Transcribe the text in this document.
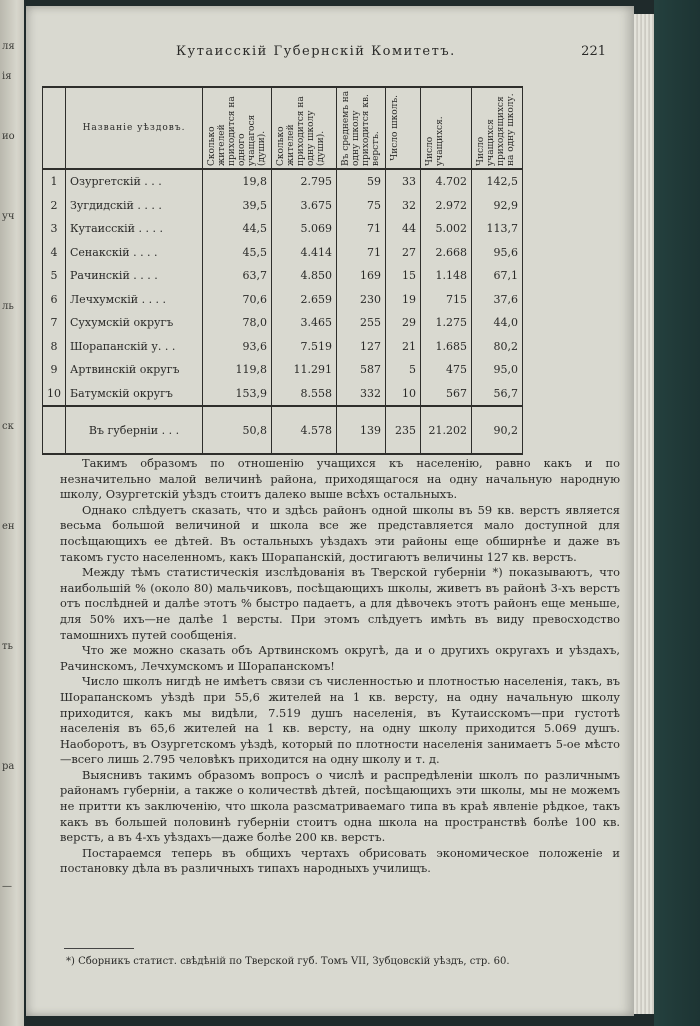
ля
ія
ио
уч
ль
ск
ен
ть
ра
—
Кутаисскій Губернскій Комитетъ.	221
	Названіе уѣздовъ.	Сколько жителей приходится на одного учащагося (души).	Сколько жителей приходится на одну школу (души).	Въ среднемъ на одну школу приходится кв. верстъ.	Число школъ.	Число учащихся.	Число учащихся приходящихся на одну школу.

1	Озургетскій . . .	19,8	2.795	59	33	4.702	142,5
2	Зугдидскій . . . .	39,5	3.675	75	32	2.972	92,9
3	Кутаисскій . . . .	44,5	5.069	71	44	5.002	113,7
4	Сенакскій . . . .	45,5	4.414	71	27	2.668	95,6
5	Рачинскій . . . .	63,7	4.850	169	15	1.148	67,1
6	Лечхумскій . . . .	70,6	2.659	230	19	715	37,6
7	Сухумскій округъ	78,0	3.465	255	29	1.275	44,0
8	Шорапанскій у. . .	93,6	7.519	127	21	1.685	80,2
9	Артвинскій округъ	119,8	11.291	587	5	475	95,0
10	Батумскій округъ	153,9	8.558	332	10	567	56,7
	Въ губерніи . . .	50,8	4.578	139	235	21.202	90,2

Такимъ образомъ по отношенію учащихся къ населенію, равно какъ и по незначительно малой величинѣ района, приходящагося на одну начальную народную школу, Озургетскій уѣздъ стоитъ далеко выше всѣхъ остальныхъ.

Однако слѣдуетъ сказать, что и здѣсь районъ одной школы въ 59 кв. верстъ является весьма большой величиной и школа все же представляется мало доступной для посѣщающихъ ее дѣтей. Въ остальныхъ уѣздахъ эти районы еще обширнѣе и даже въ такомъ густо населенномъ, какъ Шорапанскій, достигаютъ величины 127 кв. верстъ.

Между тѣмъ статистическія изслѣдованія въ Тверской губерніи *) показываютъ, что наибольшій % (около 80) мальчиковъ, посѣщающихъ школы, живетъ въ районѣ 3-хъ верстъ отъ послѣдней и далѣе этотъ % быстро падаетъ, а для дѣвочекъ этотъ районъ еще меньше, для 50% ихъ—не далѣе 1 версты. При этомъ слѣдуетъ имѣть въ виду превосходство тамошнихъ путей сообщенія.

Что же можно сказать объ Артвинскомъ округѣ, да и о другихъ округахъ и уѣздахъ, Рачинскомъ, Лечхумскомъ и Шорапанскомъ!

Число школъ нигдѣ не имѣетъ связи съ численностью и плотностью населенія, такъ, въ Шорапанскомъ уѣздѣ при 55,6 жителей на 1 кв. версту, на одну начальную школу приходится, какъ мы видѣли, 7.519 душъ населенія, въ Кутаисскомъ—при густотѣ населенія въ 65,6 жителей на 1 кв. версту, на одну школу приходится 5.069 душъ. Наоборотъ, въ Озургетскомъ уѣздѣ, который по плотности населенія занимаетъ 5-ое мѣсто—всего лишь 2.795 человѣкъ приходится на одну школу и т. д.

Выяснивъ такимъ образомъ вопросъ о числѣ и распредѣленіи школъ по различнымъ районамъ губерніи, а также о количествѣ дѣтей, посѣщающихъ эти школы, мы не можемъ не притти къ заключенію, что школа разсматриваемаго типа въ краѣ явленіе рѣдкое, такъ какъ въ большей половинѣ губерніи стоитъ одна школа на пространствѣ болѣе 100 кв. верстъ, а въ 4-хъ уѣздахъ—даже болѣе 200 кв. верстъ.

Постараемся теперь въ общихъ чертахъ обрисовать экономическое положеніе и постановку дѣла въ различныхъ типахъ народныхъ училищъ.

*) Сборникъ статист. свѣдѣній по Тверской губ. Томъ VII, Зубцовскій уѣздъ, стр. 60.
